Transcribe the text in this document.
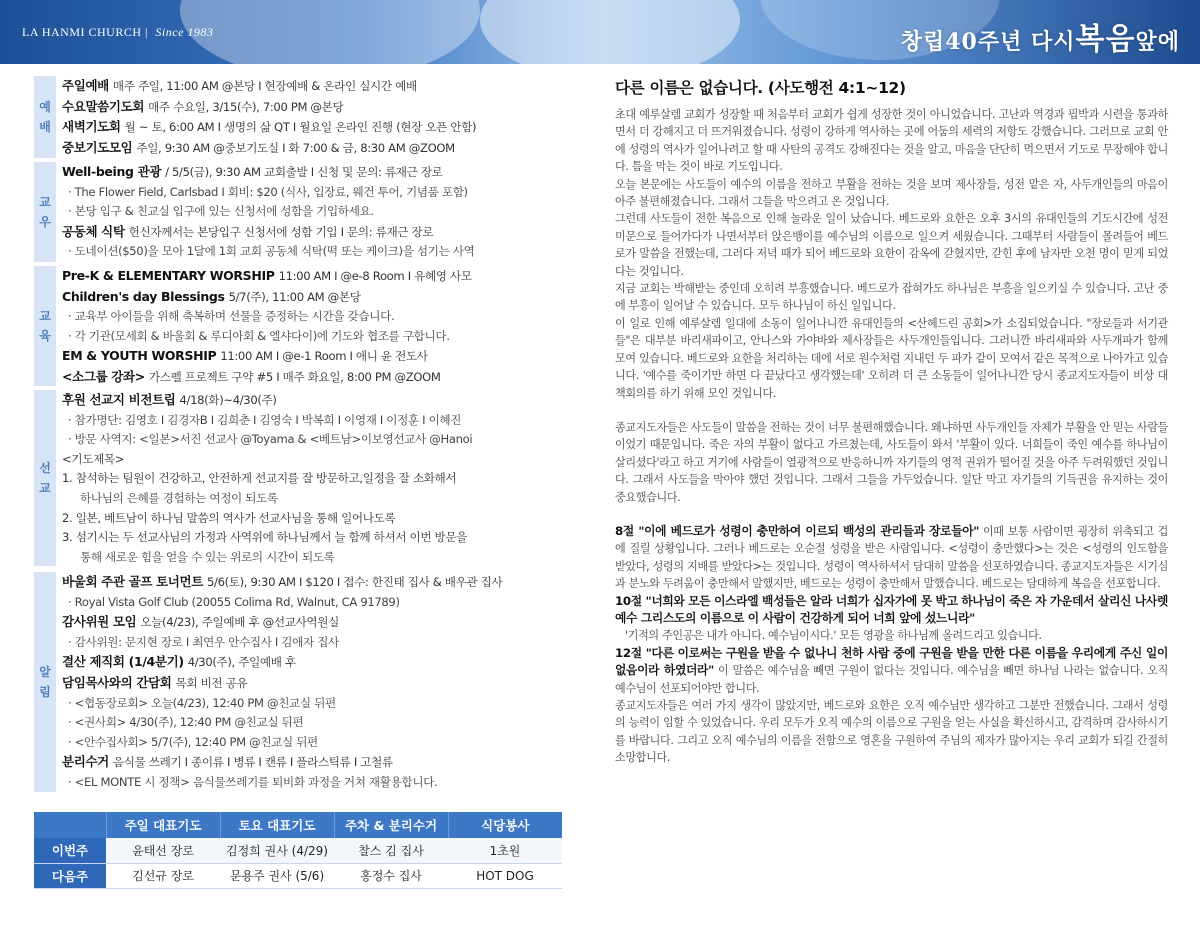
LA HANMI CHURCH | Since 1983	창립40주년 다시복음앞에
예
배
주일예배 매주 주일, 11:00 AM @본당 I 현장예배 & 온라인 실시간 예배
수요말씀기도회 매주 수요일, 3/15(수), 7:00 PM @본당
새벽기도회 월 ~ 토, 6:00 AM I 생명의 삶 QT I 월요일 온라인 진행 (현장 오픈 안함)
중보기도모임 주일, 9:30 AM @중보기도실 I 화 7:00 & 금, 8:30 AM @ZOOM
교
우
Well-being 관광 / 5/5(금), 9:30 AM 교회출발 I 신청 및 문의: 류재근 장로
· The Flower Field, Carlsbad I 회비: $20 (식사, 입장료, 웨건 투어, 기념품 포함)
· 본당 입구 & 친교실 입구에 있는 신청서에 성함을 기입하세요.
공동체 식탁 헌신자께서는 본당입구 신청서에 성함 기입 I 문의: 류재근 장로
· 도네이션($50)을 모아 1달에 1회 교회 공동체 식탁(떡 또는 케이크)을 섬기는 사역
교
육
Pre-K & ELEMENTARY WORSHIP 11:00 AM I @e-8 Room I 유혜영 사모
Children's day Blessings 5/7(주), 11:00 AM @본당
· 교육부 아이들을 위해 축복하며 선물을 증정하는 시간을 갖습니다.
· 각 기관(모세회 & 바울회 & 루디아회 & 엘샤다이)에 기도와 협조를 구합니다.
EM & YOUTH WORSHIP 11:00 AM I @e-1 Room I 애니 윤 전도사
<소그룹 강좌> 가스펠 프로젝트 구약 #5 I 매주 화요일, 8:00 PM @ZOOM
선
교
후원 선교지 비전트립 4/18(화)~4/30(주)
· 참가명단: 김영호 I 김경자B I 김희춘 I 김영숙 I 박복희 I 이영재 I 이정훈 I 이혜진
· 방문 사역지: <일본>서진 선교사 @Toyama & <베트남>이보영선교사 @Hanoi
<기도제목>
1. 참석하는 팀원이 건강하고, 안전하게 선교지를 잘 방문하고,일정을 잘 소화해서
하나님의 은혜를 경험하는 여정이 되도록
2. 일본, 베트남이 하나님 말씀의 역사가 선교사님을 통해 일어나도록
3. 섬기시는 두 선교사님의 가정과 사역위에 하나님께서 늘 함께 하셔서 이번 방문을
통해 새로운 힘을 얻을 수 있는 위로의 시간이 되도록
알
림
바울회 주관 골프 토너먼트 5/6(토), 9:30 AM I $120 I 접수: 한진태 집사 & 배우관 집사
· Royal Vista Golf Club (20055 Colima Rd, Walnut, CA 91789)
감사위원 모임 오늘(4/23), 주일예배 후 @선교사역원실
· 감사위원: 문지현 장로 I 최연우 안수집사 I 김애자 집사
결산 제직회 (1/4분기) 4/30(주), 주일예배 후
담임목사와의 간담회 목회 비전 공유
· <협동장로회> 오늘(4/23), 12:40 PM @친교실 뒤편
· <권사회> 4/30(주), 12:40 PM @친교실 뒤편
· <안수집사회> 5/7(주), 12:40 PM @친교실 뒤편
분리수거 음식물 쓰레기 I 종이류 I 병류 I 캔류 I 플라스틱류 I 고철류
· <EL MONTE 시 정책> 음식물쓰레기를 퇴비화 과정을 거쳐 재활용합니다.
	주일 대표기도	토요 대표기도	주차 & 분리수거	식당봉사
이번주	윤태선 장로	김정희 권사 (4/29)	찰스 김 집사	1초원
다음주	김선규 장로	문용주 권사 (5/6)	홍정수 집사	HOT DOG
다른 이름은 없습니다. (사도행전 4:1~12)

초대 예루살렘 교회가 성장할 때 처음부터 교회가 쉽게 성장한 것이 아니었습니다. 고난과 역경과 핍박과 시련을 통과하면서 더 강해지고 더 뜨거워졌습니다. 성령이 강하게 역사하는 곳에 어둠의 세력의 저항도 강했습니다. 그러므로 교회 안에 성령의 역사가 일어나려고 할 때 사탄의 공격도 강해진다는 것을 알고, 마음을 단단히 먹으면서 기도로 무장해야 합니다. 틈을 막는 것이 바로 기도입니다.

오늘 본문에는 사도들이 예수의 이름을 전하고 부활을 전하는 것을 보며 제사장들, 성전 맡은 자, 사두개인들의 마음이 아주 불편해졌습니다. 그래서 그들을 막으려고 온 것입니다.

그런데 사도들이 전한 복음으로 인해 놀라운 일이 났습니다. 베드로와 요한은 오후 3시의 유대인들의 기도시간에 성전 미문으로 들어가다가 나면서부터 앉은뱅이를 예수님의 이름으로 일으켜 세웠습니다. 그때부터 사람들이 몰려들어 베드로가 말씀을 전했는데, 그러다 저녁 때가 되어 베드로와 요한이 감옥에 갇혔지만, 갇힌 후에 남자만 오천 명이 믿게 되었다는 것입니다.

지금 교회는 박해받는 중인데 오히려 부흥했습니다. 베드로가 잡혀가도 하나님은 부흥을 일으키실 수 있습니다. 고난 중에 부흥이 일어날 수 있습니다. 모두 하나님이 하신 일입니다.

이 일로 인해 예루살렘 일대에 소동이 일어나니깐 유대인들의 <산헤드린 공회>가 소집되었습니다. "장로들과 서기관들"은 대부분 바리새파이고, 안나스와 가야바와 제사장들은 사두개인들입니다. 그러니깐 바리새파와 사두개파가 함께 모여 있습니다. 베드로와 요한을 처리하는 데에 서로 원수처럼 지내던 두 파가 같이 모여서 같은 목적으로 나아가고 있습니다. '예수를 죽이기만 하면 다 끝났다고 생각했는데' 오히려 더 큰 소동들이 일어나니깐 당시 종교지도자들이 비상 대책회의를 하기 위해 모인 것입니다.

종교지도자들은 사도들이 말씀을 전하는 것이 너무 불편해했습니다. 왜냐하면 사두개인들 자체가 부활을 안 믿는 사람들이었기 때문입니다. 죽은 자의 부활이 없다고 가르쳤는데, 사도들이 와서 '부활이 있다. 너희들이 죽인 예수를 하나님이 살리셨다'라고 하고 거기에 사람들이 열광적으로 반응하니까 자기들의 영적 권위가 떨어질 것을 아주 두려워했던 것입니다. 그래서 사도들을 막아야 했던 것입니다. 그래서 그들을 가두었습니다. 일단 막고 자기들의 기득권을 유지하는 것이 중요했습니다.

8절 "이에 베드로가 성령이 충만하여 이르되 백성의 관리들과 장로들아" 이때 보통 사람이면 굉장히 위축되고 겁에 질릴 상황입니다. 그러나 베드로는 오순절 성령을 받은 사람입니다. <성령이 충만했다>는 것은 <성령의 인도함을 받았다, 성령의 지배를 받았다>는 것입니다. 성령이 역사하셔서 담대히 말씀을 선포하였습니다. 종교지도자들은 시기심과 분노와 두려움이 충만해서 말했지만, 베드로는 성령이 충만해서 말했습니다. 베드로는 담대하게 복음을 선포합니다.

10절 "너희와 모든 이스라엘 백성들은 알라 너희가 십자가에 못 박고 하나님이 죽은 자 가운데서 살리신 나사렛 예수 그리스도의 이름으로 이 사람이 건강하게 되어 너희 앞에 섰느니라"

'기적의 주인공은 내가 아니다. 예수님이시다.' 모든 영광을 하나님께 올려드리고 있습니다.

12절 "다른 이로써는 구원을 받을 수 없나니 천하 사람 중에 구원을 받을 만한 다른 이름을 우리에게 주신 일이 없음이라 하였더라" 이 말씀은 예수님을 빼면 구원이 없다는 것입니다. 예수님을 빼면 하나님 나라는 없습니다. 오직 예수님이 선포되어야만 합니다.

종교지도자들은 여러 가지 생각이 많았지만, 베드로와 요한은 오직 예수님만 생각하고 그분만 전했습니다. 그래서 성령의 능력이 임할 수 있었습니다. 우리 모두가 오직 예수의 이름으로 구원을 얻는 사실을 확신하시고, 감격하며 감사하시기를 바랍니다. 그리고 오직 예수님의 이름을 전함으로 영혼을 구원하여 주님의 제자가 많아지는 우리 교회가 되길 간절히 소망합니다.
